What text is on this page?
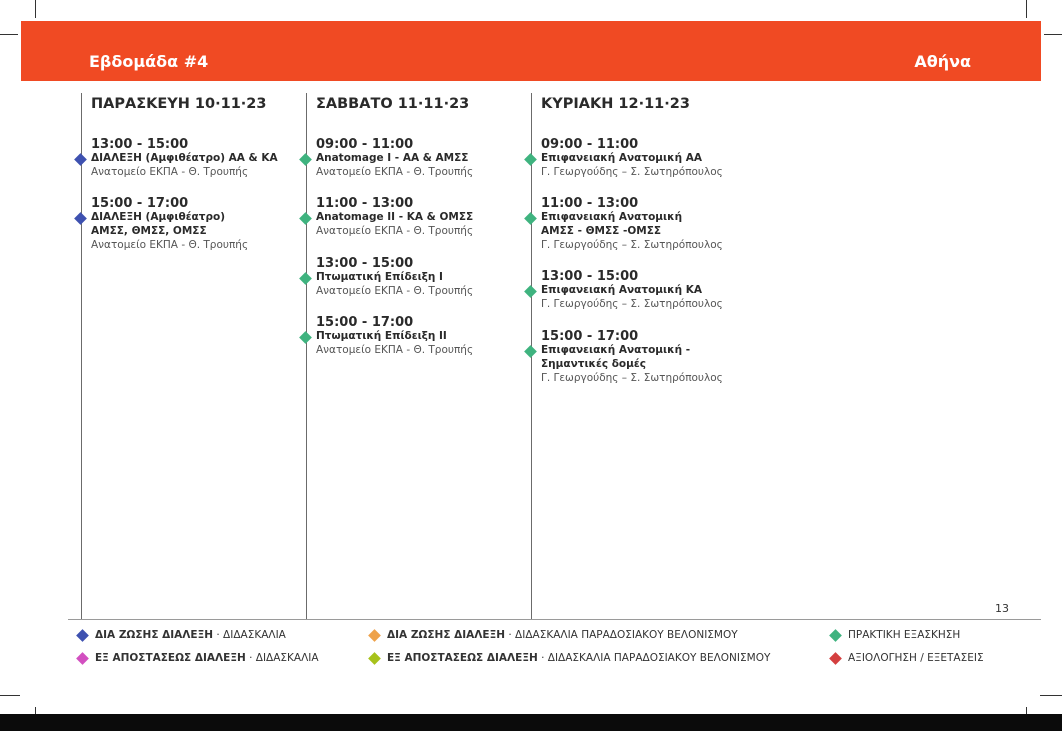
Εβδομάδα #4	Αθήνα
ΠΑΡΑΣΚΕΥΗ 10·11·23
13:00 - 15:00
ΔΙΑΛΕΞΗ (Αμφιθέατρο) ΑΑ & ΚΑ
Ανατομείο ΕΚΠΑ - Θ. Τρουπής
15:00 - 17:00
ΔΙΑΛΕΞΗ (Αμφιθέατρο)
ΑΜΣΣ, ΘΜΣΣ, ΟΜΣΣ
Ανατομείο ΕΚΠΑ - Θ. Τρουπής
ΣΑΒΒΑΤΟ 11·11·23
09:00 - 11:00
Anatomage I - AA & ΑΜΣΣ
Ανατομείο ΕΚΠΑ - Θ. Τρουπής
11:00 - 13:00
Anatomage II - ΚΑ & ΟΜΣΣ
Ανατομείο ΕΚΠΑ - Θ. Τρουπής
13:00 - 15:00
Πτωματική Επίδειξη Ι
Ανατομείο ΕΚΠΑ - Θ. Τρουπής
15:00 - 17:00
Πτωματική Επίδειξη ΙΙ
Ανατομείο ΕΚΠΑ - Θ. Τρουπής
ΚΥΡΙΑΚΗ 12·11·23
09:00 - 11:00
Επιφανειακή Ανατομική ΑΑ
Γ. Γεωργούδης – Σ. Σωτηρόπουλος
11:00 - 13:00
Επιφανειακή Ανατομική
ΑΜΣΣ - ΘΜΣΣ -ΟΜΣΣ
Γ. Γεωργούδης – Σ. Σωτηρόπουλος
13:00 - 15:00
Επιφανειακή Ανατομική ΚΑ
Γ. Γεωργούδης – Σ. Σωτηρόπουλος
15:00 - 17:00
Επιφανειακή Ανατομική -
Σημαντικές δομές
Γ. Γεωργούδης – Σ. Σωτηρόπουλος
13
ΔΙΑ ΖΩΣΗΣ ΔΙΑΛΕΞΗ · ΔΙΔΑΣΚΑΛΙΑ	ΔΙΑ ΖΩΣΗΣ ΔΙΑΛΕΞΗ · ΔΙΔΑΣΚΑΛΙΑ ΠΑΡΑΔΟΣΙΑΚΟΥ ΒΕΛΟΝΙΣΜΟΥ	ΠΡΑΚΤΙΚΗ ΕΞΑΣΚΗΣΗ
ΕΞ ΑΠΟΣΤΑΣΕΩΣ ΔΙΑΛΕΞΗ · ΔΙΔΑΣΚΑΛΙΑ	ΕΞ ΑΠΟΣΤΑΣΕΩΣ ΔΙΑΛΕΞΗ · ΔΙΔΑΣΚΑΛΙΑ ΠΑΡΑΔΟΣΙΑΚΟΥ ΒΕΛΟΝΙΣΜΟΥ	ΑΞΙΟΛΟΓΗΣΗ / ΕΞΕΤΑΣΕΙΣ
